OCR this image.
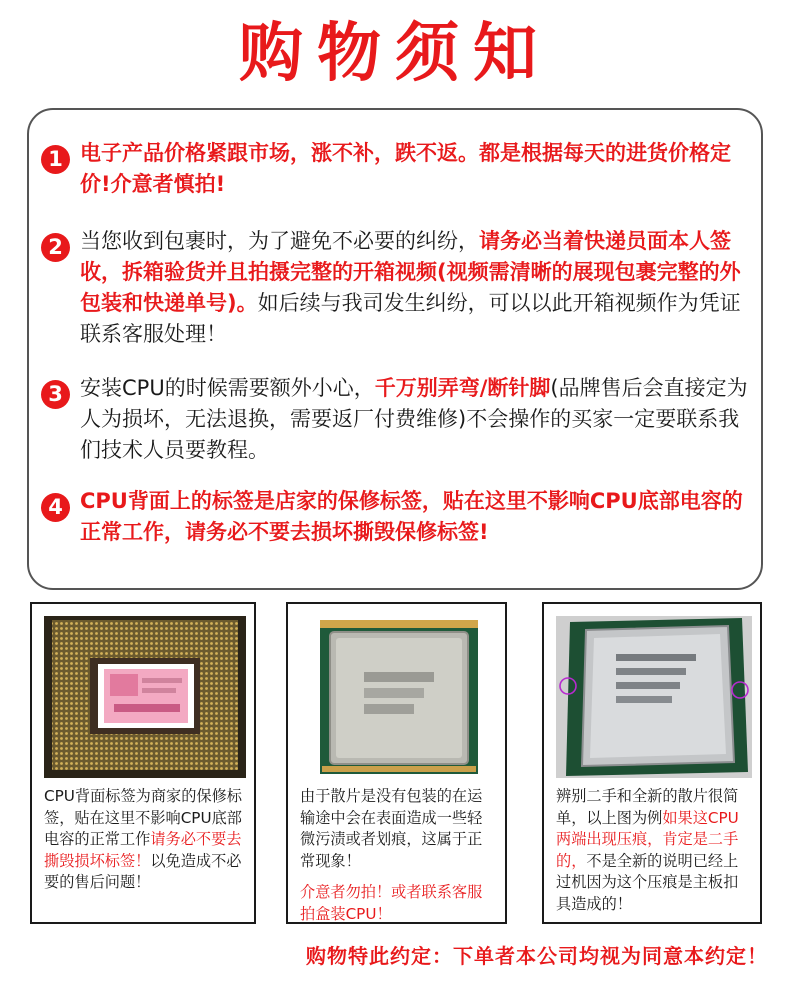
购物须知
1 电子产品价格紧跟市场，涨不补，跌不返。都是根据每天的进货价格定价!介意者慎拍!
2 当您收到包裹时，为了避免不必要的纠纷，请务必当着快递员面本人签收，拆箱验货并且拍摄完整的开箱视频(视频需清晰的展现包裹完整的外包装和快递单号)。如后续与我司发生纠纷，可以以此开箱视频作为凭证联系客服处理！
3 安装CPU的时候需要额外小心，千万别弄弯/断针脚(品牌售后会直接定为人为损坏，无法退换，需要返厂付费维修)不会操作的买家一定要联系我们技术人员要教程。
4 CPU背面上的标签是店家的保修标签，贴在这里不影响CPU底部电容的正常工作，请务必不要去损坏撕毁保修标签!

CPU背面标签为商家的保修标签，贴在这里不影响CPU底部电容的正常工作请务必不要去撕毁损坏标签！以免造成不必要的售后问题！

由于散片是没有包装的在运输途中会在表面造成一些轻微污渍或者划痕，这属于正常现象！

介意者勿拍！或者联系客服拍盒装CPU！

辨别二手和全新的散片很简单，以上图为例如果这CPU两端出现压痕，肯定是二手的，不是全新的说明已经上过机因为这个压痕是主板扣具造成的！

购物特此约定：下单者本公司均视为同意本约定！
